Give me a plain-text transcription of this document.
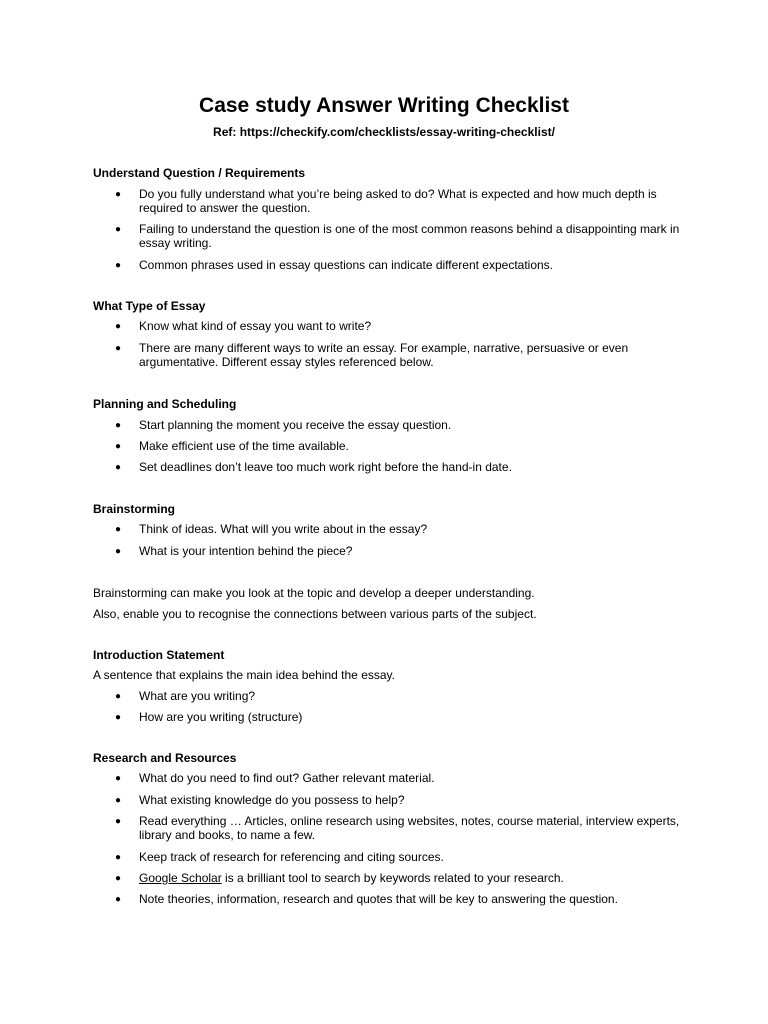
Case study Answer Writing Checklist

Ref: https://checkify.com/checklists/essay-writing-checklist/

Understand Question / Requirements

● Do you fully understand what you’re being asked to do? What is expected and how much depth is required to answer the question.
● Failing to understand the question is one of the most common reasons behind a disappointing mark in essay writing.
● Common phrases used in essay questions can indicate different expectations.

What Type of Essay

● Know what kind of essay you want to write?
● There are many different ways to write an essay. For example, narrative, persuasive or even argumentative. Different essay styles referenced below.

Planning and Scheduling

● Start planning the moment you receive the essay question.
● Make efficient use of the time available.
● Set deadlines don’t leave too much work right before the hand-in date.

Brainstorming

● Think of ideas. What will you write about in the essay?
● What is your intention behind the piece?

Brainstorming can make you look at the topic and develop a deeper understanding.

Also, enable you to recognise the connections between various parts of the subject.

Introduction Statement

A sentence that explains the main idea behind the essay.

● What are you writing?
● How are you writing (structure)

Research and Resources

● What do you need to find out? Gather relevant material.
● What existing knowledge do you possess to help?
● Read everything … Articles, online research using websites, notes, course material, interview experts, library and books, to name a few.
● Keep track of research for referencing and citing sources.
● Google Scholar is a brilliant tool to search by keywords related to your research.
● Note theories, information, research and quotes that will be key to answering the question.
